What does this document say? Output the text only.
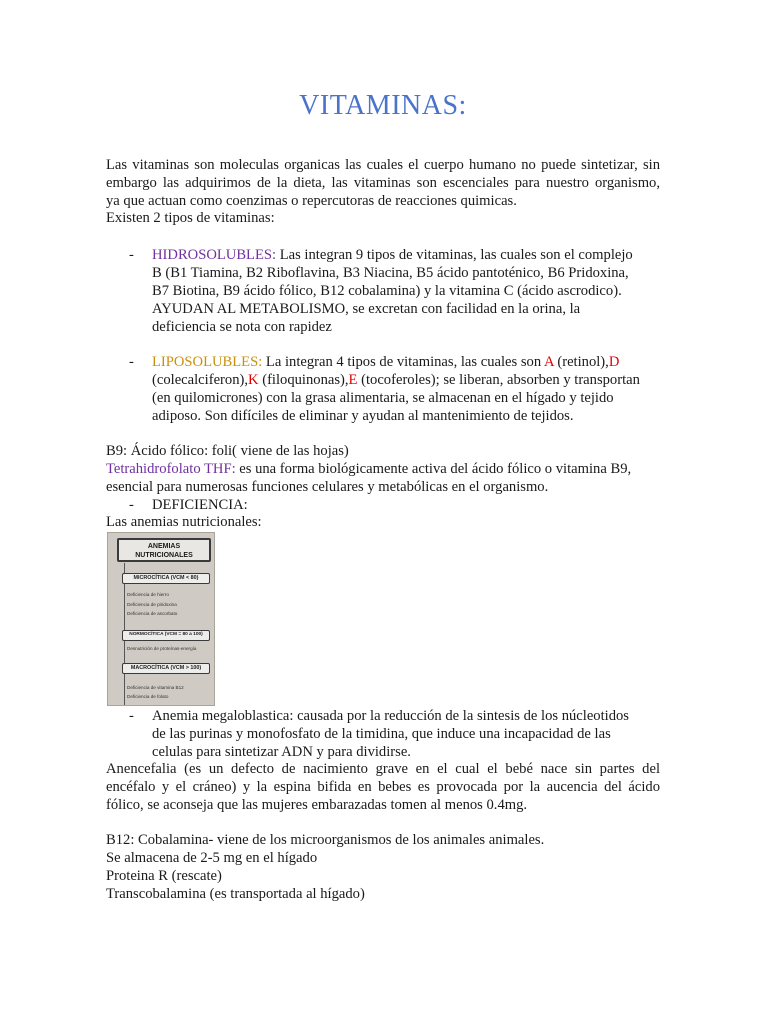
VITAMINAS:
Las vitaminas son moleculas organicas las cuales el cuerpo humano no puede sintetizar, sin
embargo las adquirimos de la dieta, las vitaminas son escenciales para nuestro organismo,
ya que actuan como coenzimas o repercutoras de reacciones quimicas.
Existen 2 tipos de vitaminas:
-	HIDROSOLUBLES: Las integran 9 tipos de vitaminas, las cuales son el complejo
B (B1 Tiamina, B2 Riboflavina, B3 Niacina, B5 ácido pantoténico, B6 Pridoxina,
B7 Biotina, B9 ácido fólico, B12 cobalamina) y la vitamina C (ácido ascrodico).
AYUDAN AL METABOLISMO, se excretan con facilidad en la orina, la
deficiencia se nota con rapidez
-	LIPOSOLUBLES: La integran 4 tipos de vitaminas, las cuales son A (retinol),D
(colecalciferon),K (filoquinonas),E (tocoferoles); se liberan, absorben y transportan
(en quilomicrones) con la grasa alimentaria, se almacenan en el hígado y tejido
adiposo. Son difíciles de eliminar y ayudan al mantenimiento de tejidos.
B9: Ácido fólico: foli( viene de las hojas)
Tetrahidrofolato THF: es una forma biológicamente activa del ácido fólico o vitamina B9,
esencial para numerosas funciones celulares y metabólicas en el organismo.
-	DEFICIENCIA:
Las anemias nutricionales:
-	Anemia megaloblastica: causada por la reducción de la sintesis de los núcleotidos
de las purinas y monofosfato de la timidina, que induce una incapacidad de las
celulas para sintetizar ADN y para dividirse.
Anencefalia (es un defecto de nacimiento grave en el cual el bebé nace sin partes del
encéfalo y el cráneo) y la espina bifida en bebes es provocada por la aucencia del ácido
fólico, se aconseja que las mujeres embarazadas tomen al menos 0.4mg.
B12: Cobalamina- viene de los microorganismos de los animales animales.
Se almacena de 2-5 mg en el hígado
Proteina R (rescate)
Transcobalamina (es transportada al hígado)
ANEMIAS
NUTRICIONALES
MICROCÍTICA (VCM < 80)
Deficiencia de hierro
Deficiencia de piridoxina
Deficiencia de ascorbato
NORMOCÍTICA (VCM = 80 a 100)
Desnutrición de proteínas-energía
MACROCÍTICA (VCM > 100)
Deficiencia de vitamina B12
Deficiencia de folato
